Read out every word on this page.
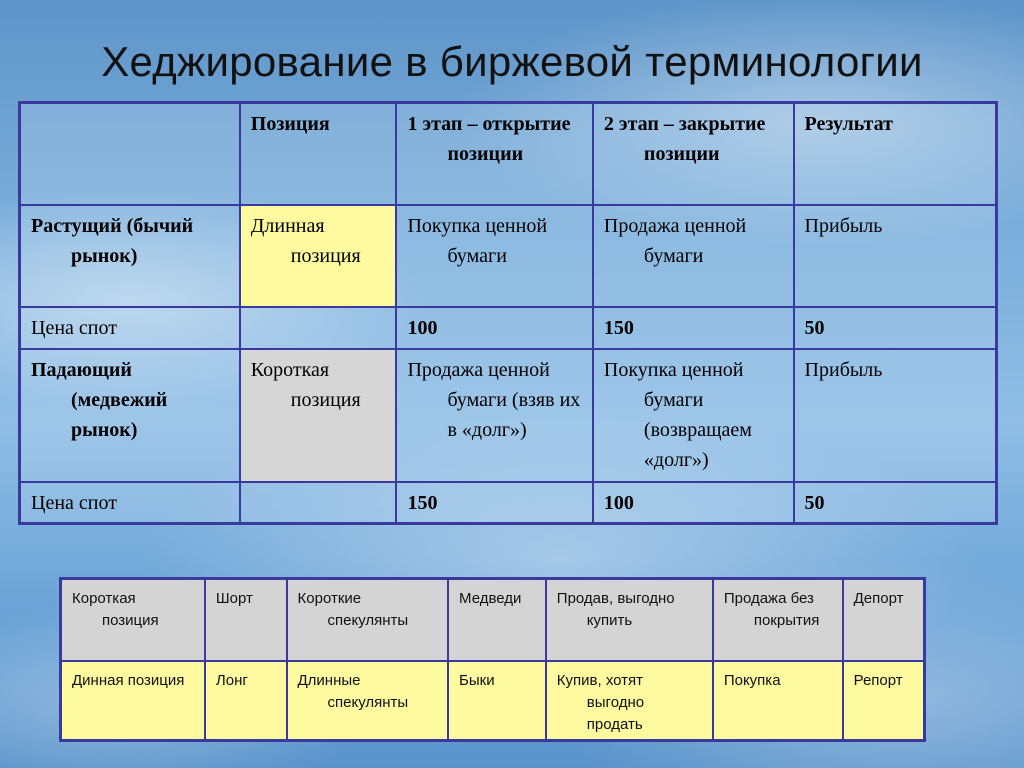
Хеджирование в биржевой терминологии

	Позиция	1 этап – открытие позиции	2 этап – закрытие позиции	Результат

Растущий (бычий рынок)	Длинная позиция	Покупка ценной бумаги	Продажа ценной бумаги	Прибыль

Цена спот		100	150	50

Падающий (медвежий рынок)	Короткая позиция	Продажа ценной бумаги (взяв их в «долг»)	Покупка ценной бумаги (возвращаем «долг»)	Прибыль

Цена спот		150	100	50
Короткая позиция	Шорт	Короткие спекулянты	Медведи	Продав, выгодно купить	Продажа без покрытия	Депорт

Динная позиция	Лонг	Длинные спекулянты	Быки	Купив, хотят выгодно продать	Покупка	Репорт
